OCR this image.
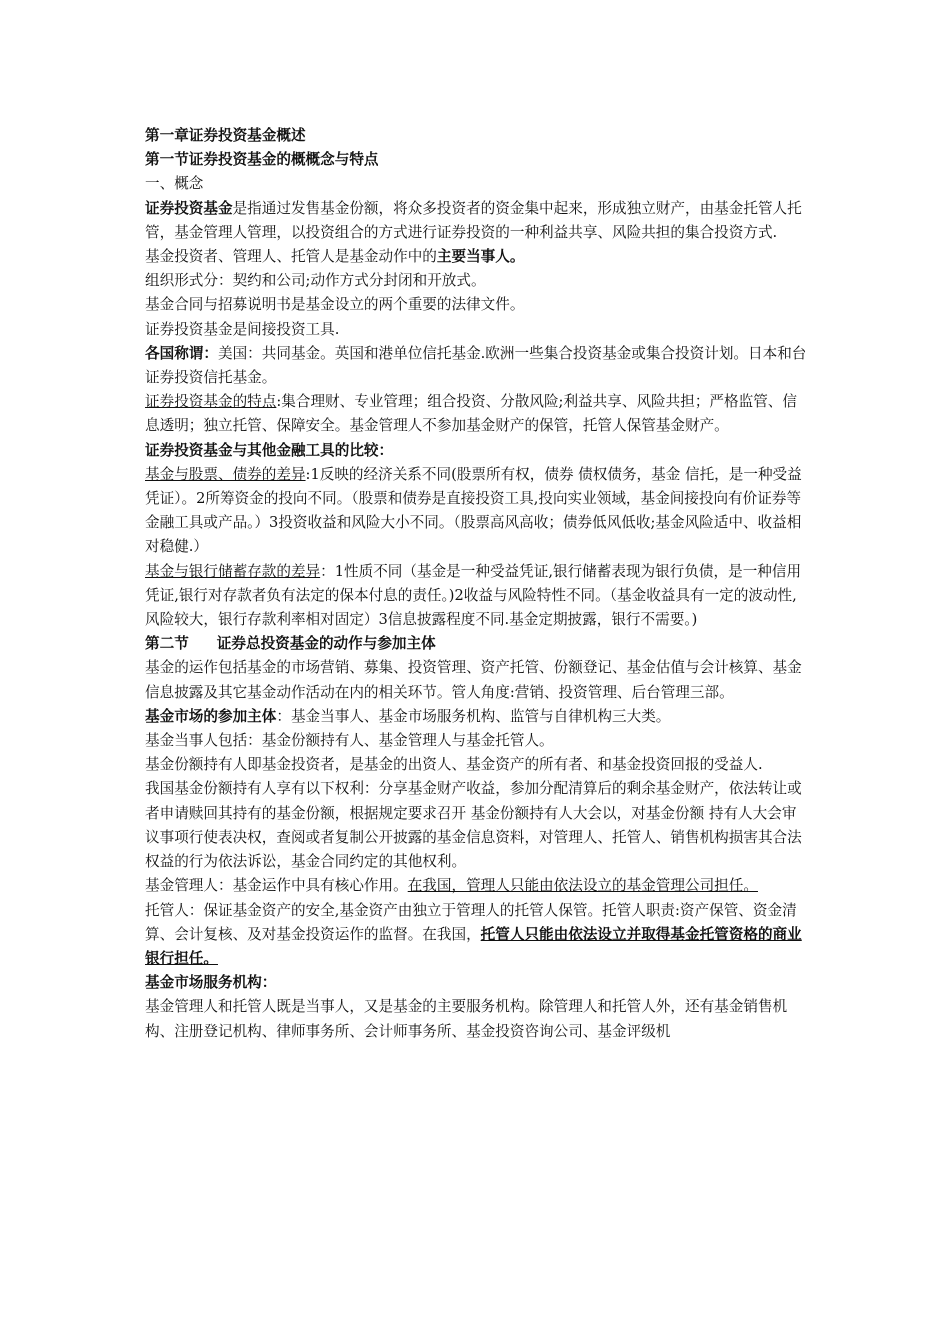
第一章证券投资基金概述

第一节证券投资基金的概概念与特点

一、概念

证券投资基金是指通过发售基金份额，将众多投资者的资金集中起来，形成独立财产，由基金托管人托管，基金管理人管理，以投资组合的方式进行证券投资的一种利益共享、风险共担的集合投资方式.

基金投资者、管理人、托管人是基金动作中的主要当事人。

组织形式分：契约和公司;动作方式分封闭和开放式。

基金合同与招募说明书是基金设立的两个重要的法律文件。

证券投资基金是间接投资工具.

各国称谓：美国：共同基金。英国和港单位信托基金.欧洲一些集合投资基金或集合投资计划。日本和台证券投资信托基金。

证券投资基金的特点:集合理财、专业管理；组合投资、分散风险;利益共享、风险共担；严格监管、信息透明；独立托管、保障安全。基金管理人不参加基金财产的保管，托管人保管基金财产。

证券投资基金与其他金融工具的比较：

基金与股票、债券的差异:1反映的经济关系不同(股票所有权，债券 债权债务，基金 信托，是一种受益凭证）。2所筹资金的投向不同。（股票和债券是直接投资工具,投向实业领域，基金间接投向有价证券等金融工具或产品。）3投资收益和风险大小不同。（股票高风高收；债券低风低收;基金风险适中、收益相对稳健.）

基金与银行储蓄存款的差异：1性质不同（基金是一种受益凭证,银行储蓄表现为银行负债，是一种信用凭证,银行对存款者负有法定的保本付息的责任。)2收益与风险特性不同。（基金收益具有一定的波动性,风险较大，银行存款利率相对固定）3信息披露程度不同.基金定期披露，银行不需要。)

第二节 证券总投资基金的动作与参加主体

基金的运作包括基金的市场营销、募集、投资管理、资产托管、份额登记、基金估值与会计核算、基金信息披露及其它基金动作活动在内的相关环节。管人角度:营销、投资管理、后台管理三部。

基金市场的参加主体：基金当事人、基金市场服务机构、监管与自律机构三大类。

基金当事人包括：基金份额持有人、基金管理人与基金托管人。

基金份额持有人即基金投资者，是基金的出资人、基金资产的所有者、和基金投资回报的受益人.

我国基金份额持有人享有以下权利：分享基金财产收益，参加分配清算后的剩余基金财产，依法转让或者申请赎回其持有的基金份额，根据规定要求召开 基金份额持有人大会以，对基金份额 持有人大会审议事项行使表决权，查阅或者复制公开披露的基金信息资料，对管理人、托管人、销售机构损害其合法权益的行为依法诉讼，基金合同约定的其他权利。

基金管理人：基金运作中具有核心作用。在我国，管理人只能由依法设立的基金管理公司担任。

托管人：保证基金资产的安全,基金资产由独立于管理人的托管人保管。托管人职责:资产保管、资金清算、会计复核、及对基金投资运作的监督。在我国，托管人只能由依法设立并取得基金托管资格的商业银行担任。

基金市场服务机构：

基金管理人和托管人既是当事人，又是基金的主要服务机构。除管理人和托管人外，还有基金销售机构、注册登记机构、律师事务所、会计师事务所、基金投资咨询公司、基金评级机
